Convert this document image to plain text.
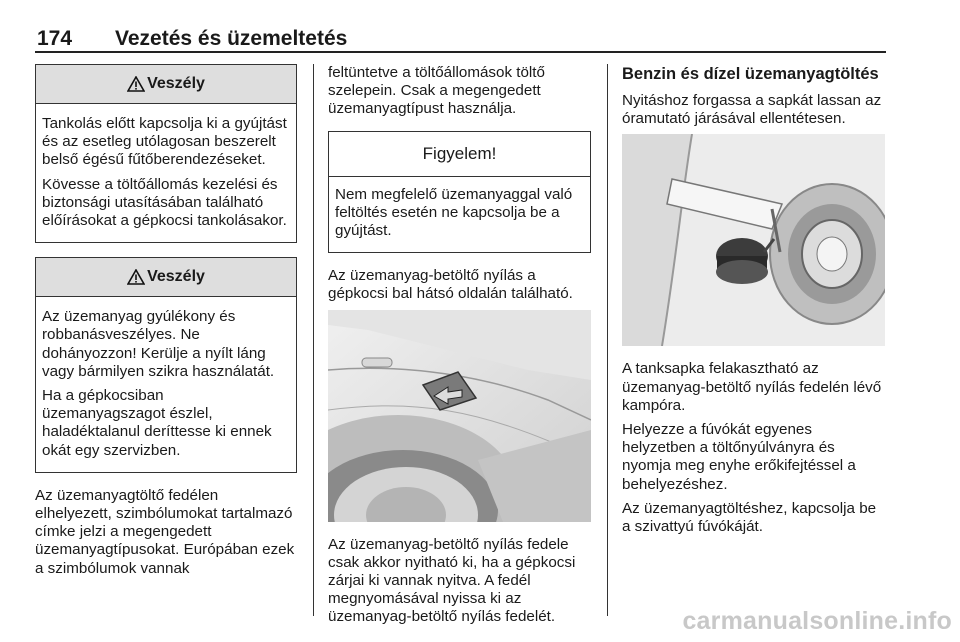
174 Vezetés és üzemeltetés
Veszély

Tankolás előtt kapcsolja ki a gyújtást és az esetleg utólagosan beszerelt belső égésű fűtőberendezéseket.

Kövesse a töltőállomás kezelési és biztonsági utasításában található előírásokat a gépkocsi tankolásakor.

Veszély

Az üzemanyag gyúlékony és robbanásveszélyes. Ne dohányozzon! Kerülje a nyílt láng vagy bármilyen szikra használatát.

Ha a gépkocsiban üzemanyagszagot észlel, haladéktalanul deríttesse ki ennek okát egy szervizben.

Az üzemanyagtöltő fedélen elhelyezett, szimbólumokat tartalmazó címke jelzi a megengedett üzemanyagtípusokat. Európában ezek a szimbólumok vannak

feltüntetve a töltőállomások töltő szelepein. Csak a megengedett üzemanyagtípust használja.

Figyelem!

Nem megfelelő üzemanyaggal való feltöltés esetén ne kapcsolja be a gyújtást.

Az üzemanyag-betöltő nyílás a gépkocsi bal hátsó oldalán található.

Az üzemanyag-betöltő nyílás fedele csak akkor nyitható ki, ha a gépkocsi zárjai ki vannak nyitva. A fedél megnyomásával nyissa ki az üzemanyag-betöltő nyílás fedelét.

Benzin és dízel üzemanyagtöltés

Nyitáshoz forgassa a sapkát lassan az óramutató járásával ellentétesen.

A tanksapka felakasztható az üzemanyag-betöltő nyílás fedelén lévő kampóra.

Helyezze a fúvókát egyenes helyzetben a töltőnyúlványra és nyomja meg enyhe erőkifejtéssel a behelyezéshez.

Az üzemanyagtöltéshez, kapcsolja be a szivattyú fúvókáját.

carmanualsonline.info
